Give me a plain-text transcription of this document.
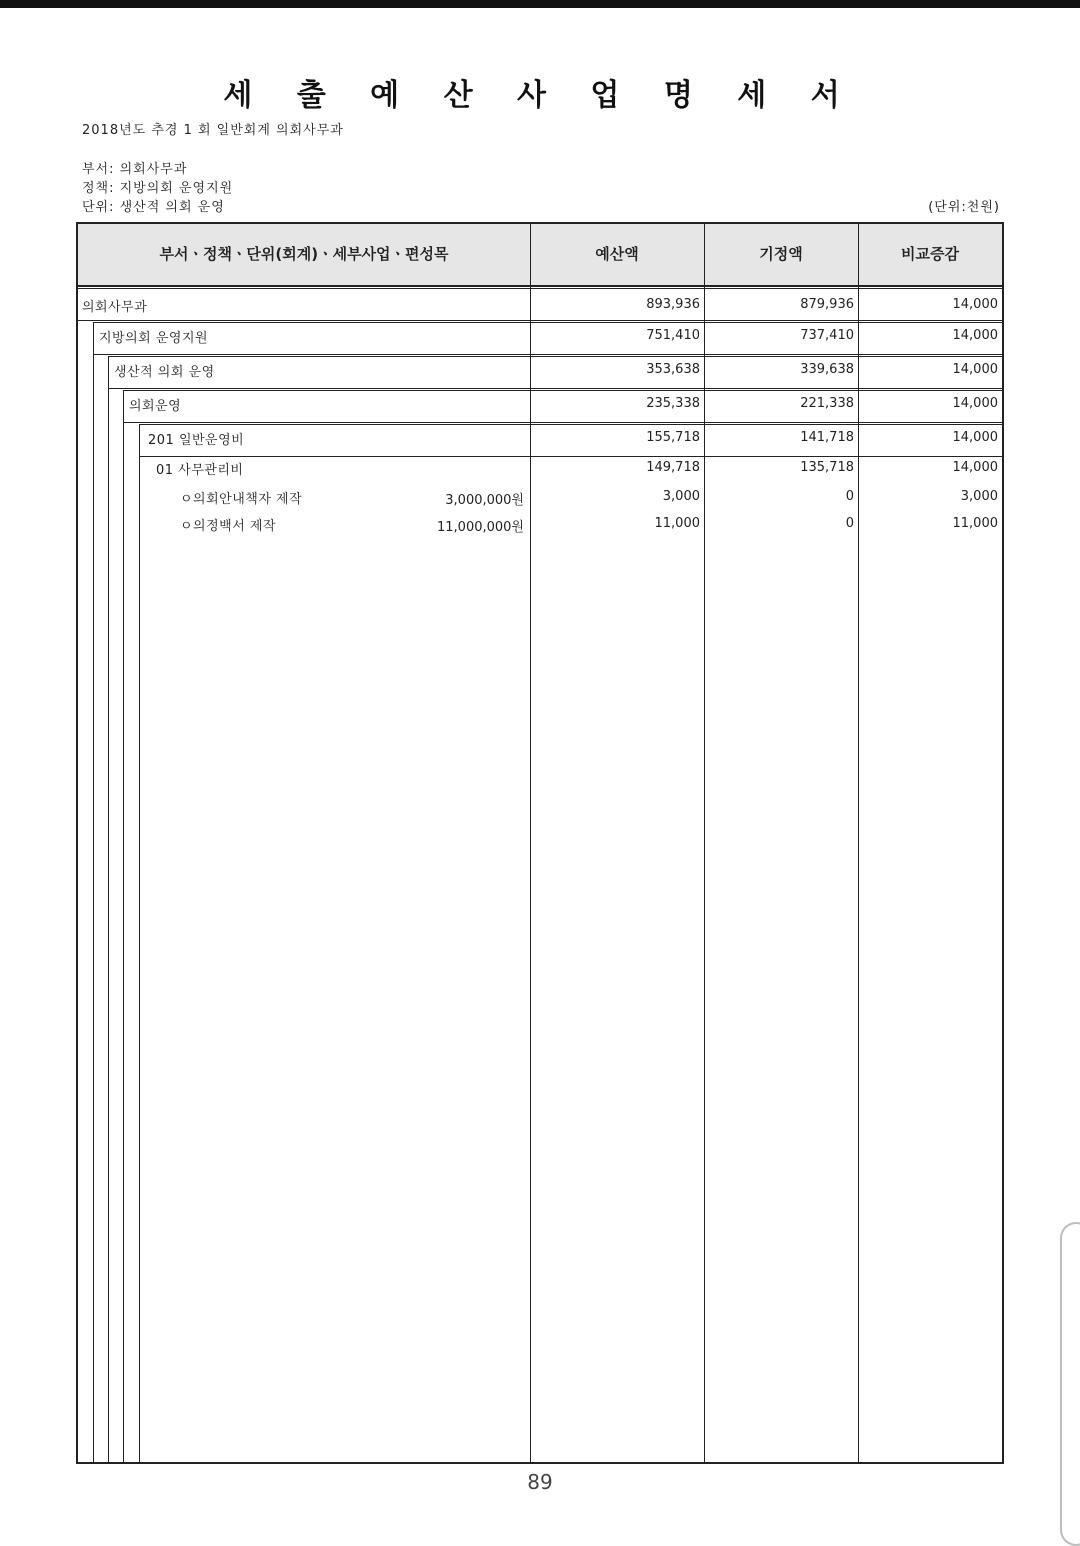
세 출 예 산 사 업 명 세 서
2018년도 추경 1 회 일반회계 의회사무과
부서: 의회사무과
정책: 지방의회 운영지원
단위: 생산적 의회 운영	(단위:천원)
부서ㆍ정책ㆍ단위(회계)ㆍ세부사업ㆍ편성목	예산액	기정액	비교증감
의회사무과	893,936	879,936	14,000
지방의회 운영지원	751,410	737,410	14,000
생산적 의회 운영	353,638	339,638	14,000
의회운영	235,338	221,338	14,000
201 일반운영비	155,718	141,718	14,000
01 사무관리비	149,718	135,718	14,000
ㅇ의회안내책자 제작	3,000,000원	3,000	0	3,000
ㅇ의정백서 제작	11,000,000원	11,000	0	11,000
89
